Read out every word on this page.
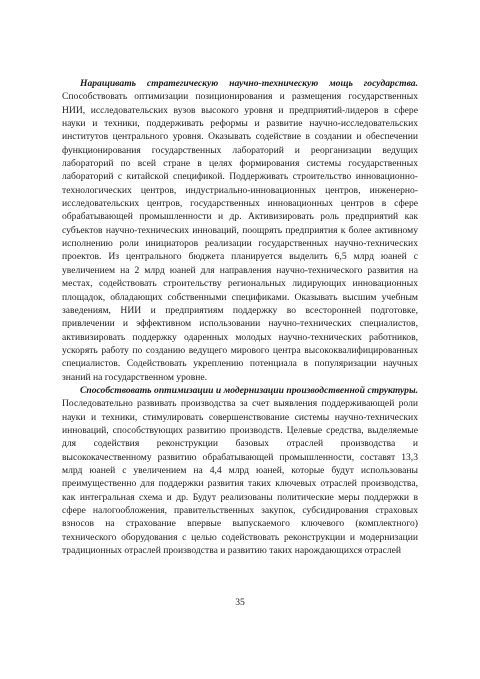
Наращивать стратегическую научно-техническую мощь государства. Способствовать оптимизации позиционирования и размещения государственных НИИ, исследовательских вузов высокого уровня и предприятий-лидеров в сфере науки и техники, поддерживать реформы и развитие научно-исследовательских институтов центрального уровня. Оказывать содействие в создании и обеспечении функционирования государственных лабораторий и реорганизации ведущих лабораторий по всей стране в целях формирования системы государственных лабораторий с китайской спецификой. Поддерживать строительство инновационно-технологических центров, индустриально-инновационных центров, инженерно-исследовательских центров, государственных инновационных центров в сфере обрабатывающей промышленности и др. Активизировать роль предприятий как субъектов научно-технических инноваций, поощрять предприятия к более активному исполнению роли инициаторов реализации государственных научно-технических проектов. Из центрального бюджета планируется выделить 6,5 млрд юаней с увеличением на 2 млрд юаней для направления научно-технического развития на местах, содействовать строительству региональных лидирующих инновационных площадок, обладающих собственными спецификами. Оказывать высшим учебным заведениям, НИИ и предприятиям поддержку во всесторонней подготовке, привлечении и эффективном использовании научно-технических специалистов, активизировать поддержку одаренных молодых научно-технических работников, ускорять работу по созданию ведущего мирового центра высококвалифицированных специалистов. Содействовать укреплению потенциала в популяризации научных знаний на государственном уровне.

Способствовать оптимизации и модернизации производственной структуры. Последовательно развивать производства за счет выявления поддерживающей роли науки и техники, стимулировать совершенствование системы научно-технических инноваций, способствующих развитию производств. Целевые средства, выделяемые для содействия реконструкции базовых отраслей производства и высококачественному развитию обрабатывающей промышленности, составят 13,3 млрд юаней с увеличением на 4,4 млрд юаней, которые будут использованы преимущественно для поддержки развития таких ключевых отраслей производства, как интегральная схема и др. Будут реализованы политические меры поддержки в сфере налогообложения, правительственных закупок, субсидирования страховых взносов на страхование впервые выпускаемого ключевого (комплектного) технического оборудования с целью содействовать реконструкции и модернизации традиционных отраслей производства и развитию таких нарождающихся отраслей

35
